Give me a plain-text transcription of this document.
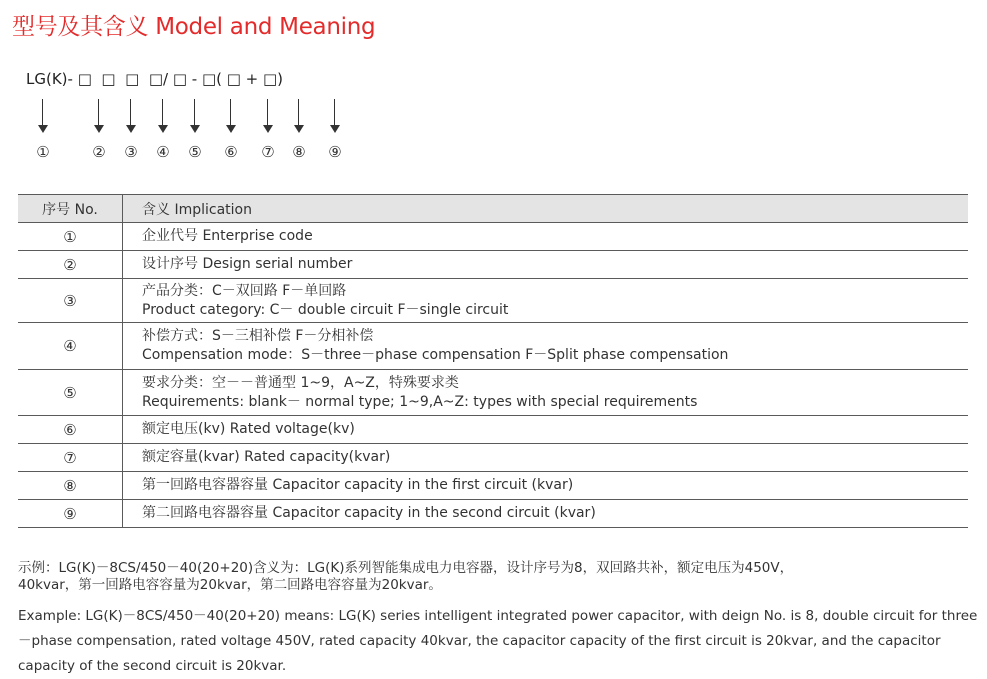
型号及其含义 Model and Meaning
LG(K)- □  □  □  □/ □ - □( □ + □)
①	② ③ ④ ⑤ ⑥ ⑦ ⑧ ⑨
序号 No.	含义 Implication
①	企业代号 Enterprise code

②	设计序号 Design serial number

③	产品分类：C－双回路 F－单回路
Product category: C－ double circuit F－single circuit

④	补偿方式：S－三相补偿 F－分相补偿
Compensation mode：S－three－phase compensation F－Split phase compensation

⑤	要求分类：空－－普通型 1~9，A~Z，特殊要求类
Requirements: blank－ normal type; 1~9,A~Z: types with special requirements

⑥	额定电压(kv) Rated voltage(kv)

⑦	额定容量(kvar) Rated capacity(kvar)

⑧	第一回路电容器容量 Capacitor capacity in the first circuit (kvar)

⑨	第二回路电容器容量 Capacitor capacity in the second circuit (kvar)
示例：LG(K)－8CS/450－40(20+20)含义为：LG(K)系列智能集成电力电容器，设计序号为8，双回路共补，额定电压为450V，
40kvar，第一回路电容容量为20kvar，第二回路电容容量为20kvar。
Example: LG(K)－8CS/450－40(20+20) means: LG(K) series intelligent integrated power capacitor, with deign No. is 8, double circuit for three－phase compensation, rated voltage 450V, rated capacity 40kvar, the capacitor capacity of the first circuit is 20kvar, and the capacitor capacity of the second circuit is 20kvar.
